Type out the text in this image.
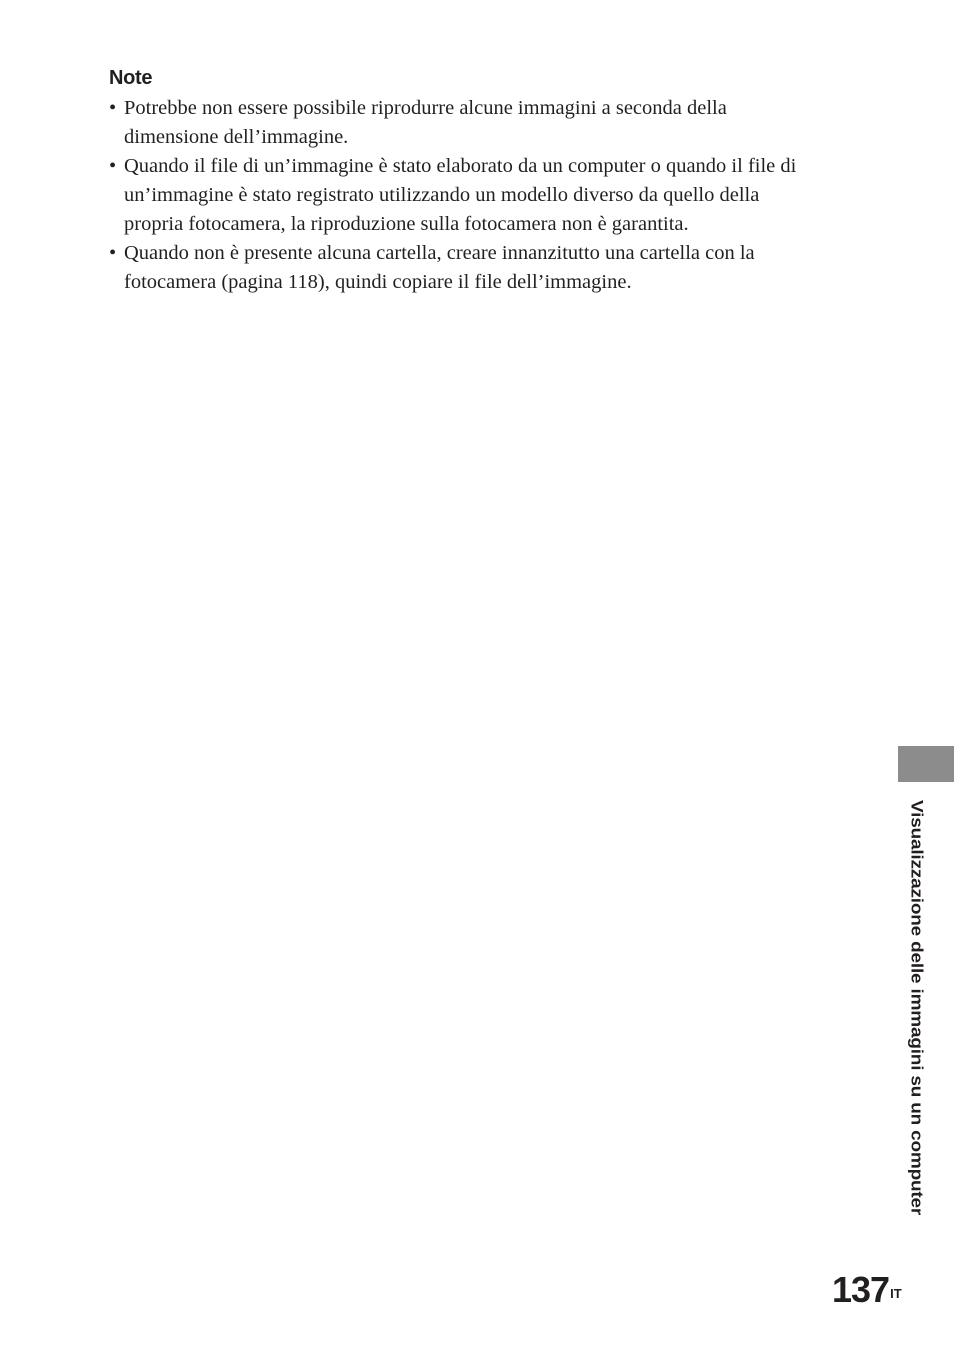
Note
• Potrebbe non essere possibile riprodurre alcune immagini a seconda della
dimensione dell’immagine.
• Quando il file di un’immagine è stato elaborato da un computer o quando il file di
un’immagine è stato registrato utilizzando un modello diverso da quello della
propria fotocamera, la riproduzione sulla fotocamera non è garantita.
• Quando non è presente alcuna cartella, creare innanzitutto una cartella con la
fotocamera (pagina 118), quindi copiare il file dell’immagine.
Visualizzazione delle immagini su un computer
$137^{IT}$
